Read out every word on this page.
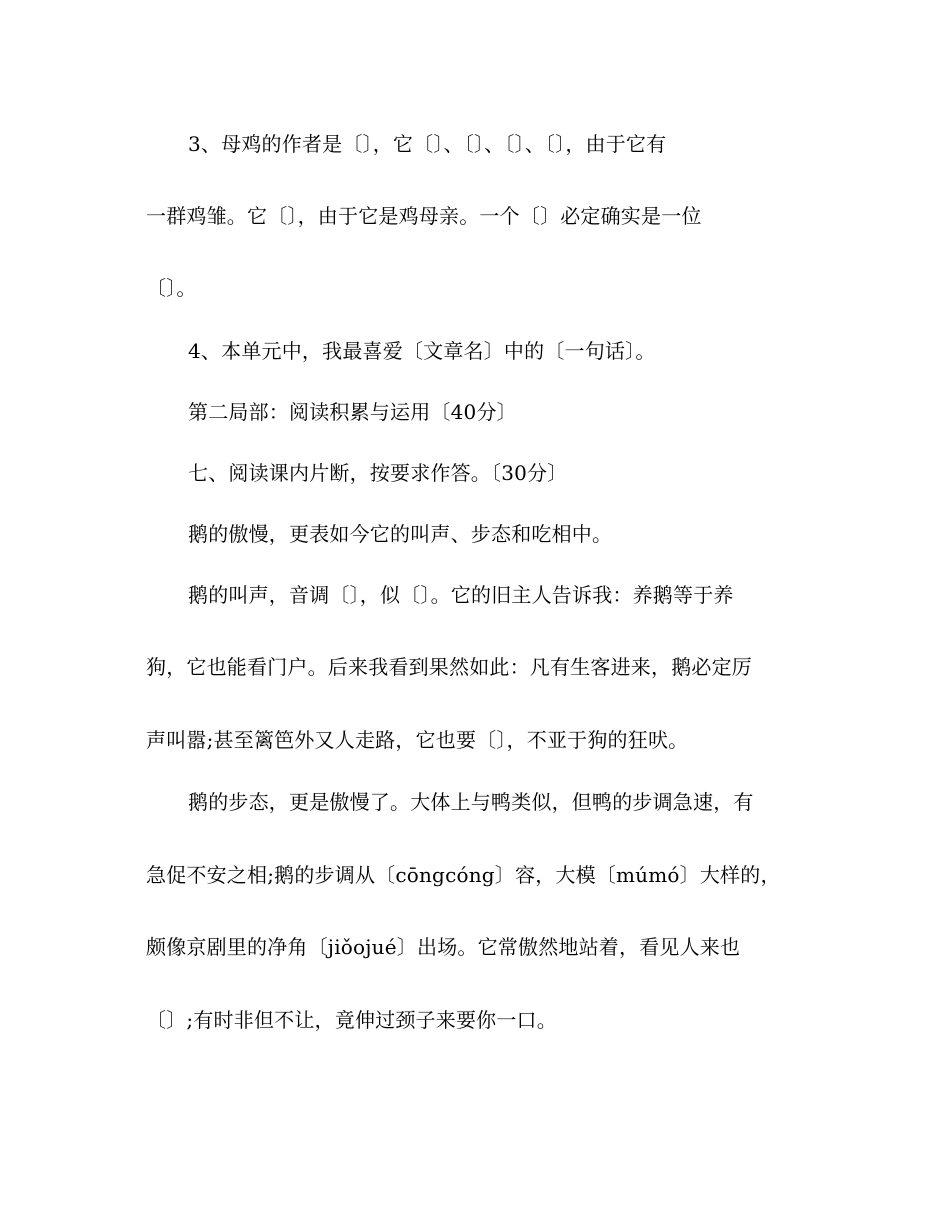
3、母鸡的作者是〔〕，它〔〕、〔〕、〔〕、〔〕，由于它有
一群鸡雏。它〔〕，由于它是鸡母亲。一个〔〕必定确实是一位
〔〕。
4、本单元中，我最喜爱〔文章名〕中的〔一句话〕。
第二局部：阅读积累与运用〔40分〕
七、阅读课内片断，按要求作答。〔30分〕
鹅的傲慢，更表如今它的叫声、步态和吃相中。
鹅的叫声，音调〔〕，似〔〕。它的旧主人告诉我：养鹅等于养
狗，它也能看门户。后来我看到果然如此：凡有生客进来，鹅必定厉
声叫嚣;甚至篱笆外又人走路，它也要〔〕，不亚于狗的狂吠。
鹅的步态，更是傲慢了。大体上与鸭类似，但鸭的步调急速，有
急促不安之相;鹅的步调从〔cōngcóng〕容，大模〔múmó〕大样的，
颇像京剧里的净角〔jiǒojué〕出场。它常傲然地站着，看见人来也
〔〕;有时非但不让，竟伸过颈子来要你一口。
